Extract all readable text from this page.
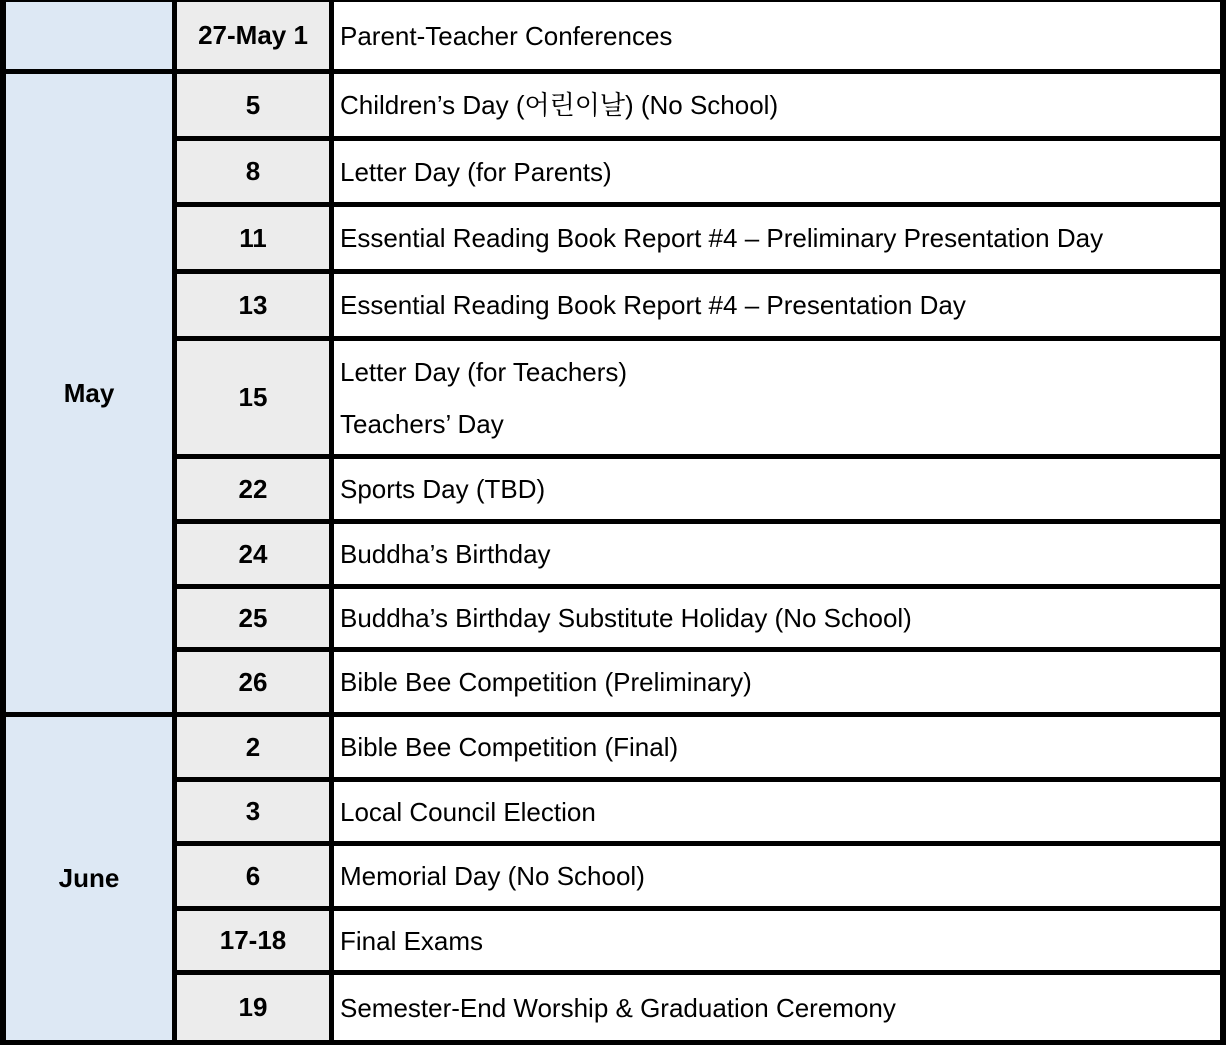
	27-May 1	Parent-Teacher Conferences

May	5	Children’s Day (어린이날) (No School)

	8	Letter Day (for Parents)

	11	Essential Reading Book Report #4 – Preliminary Presentation Day

	13	Essential Reading Book Report #4 – Presentation Day

	15	Letter Day (for Teachers)
Teachers’ Day

	22	Sports Day (TBD)

	24	Buddha’s Birthday

	25	Buddha’s Birthday Substitute Holiday (No School)

	26	Bible Bee Competition (Preliminary)

June	2	Bible Bee Competition (Final)

	3	Local Council Election

	6	Memorial Day (No School)

	17-18	Final Exams

	19	Semester-End Worship & Graduation Ceremony
